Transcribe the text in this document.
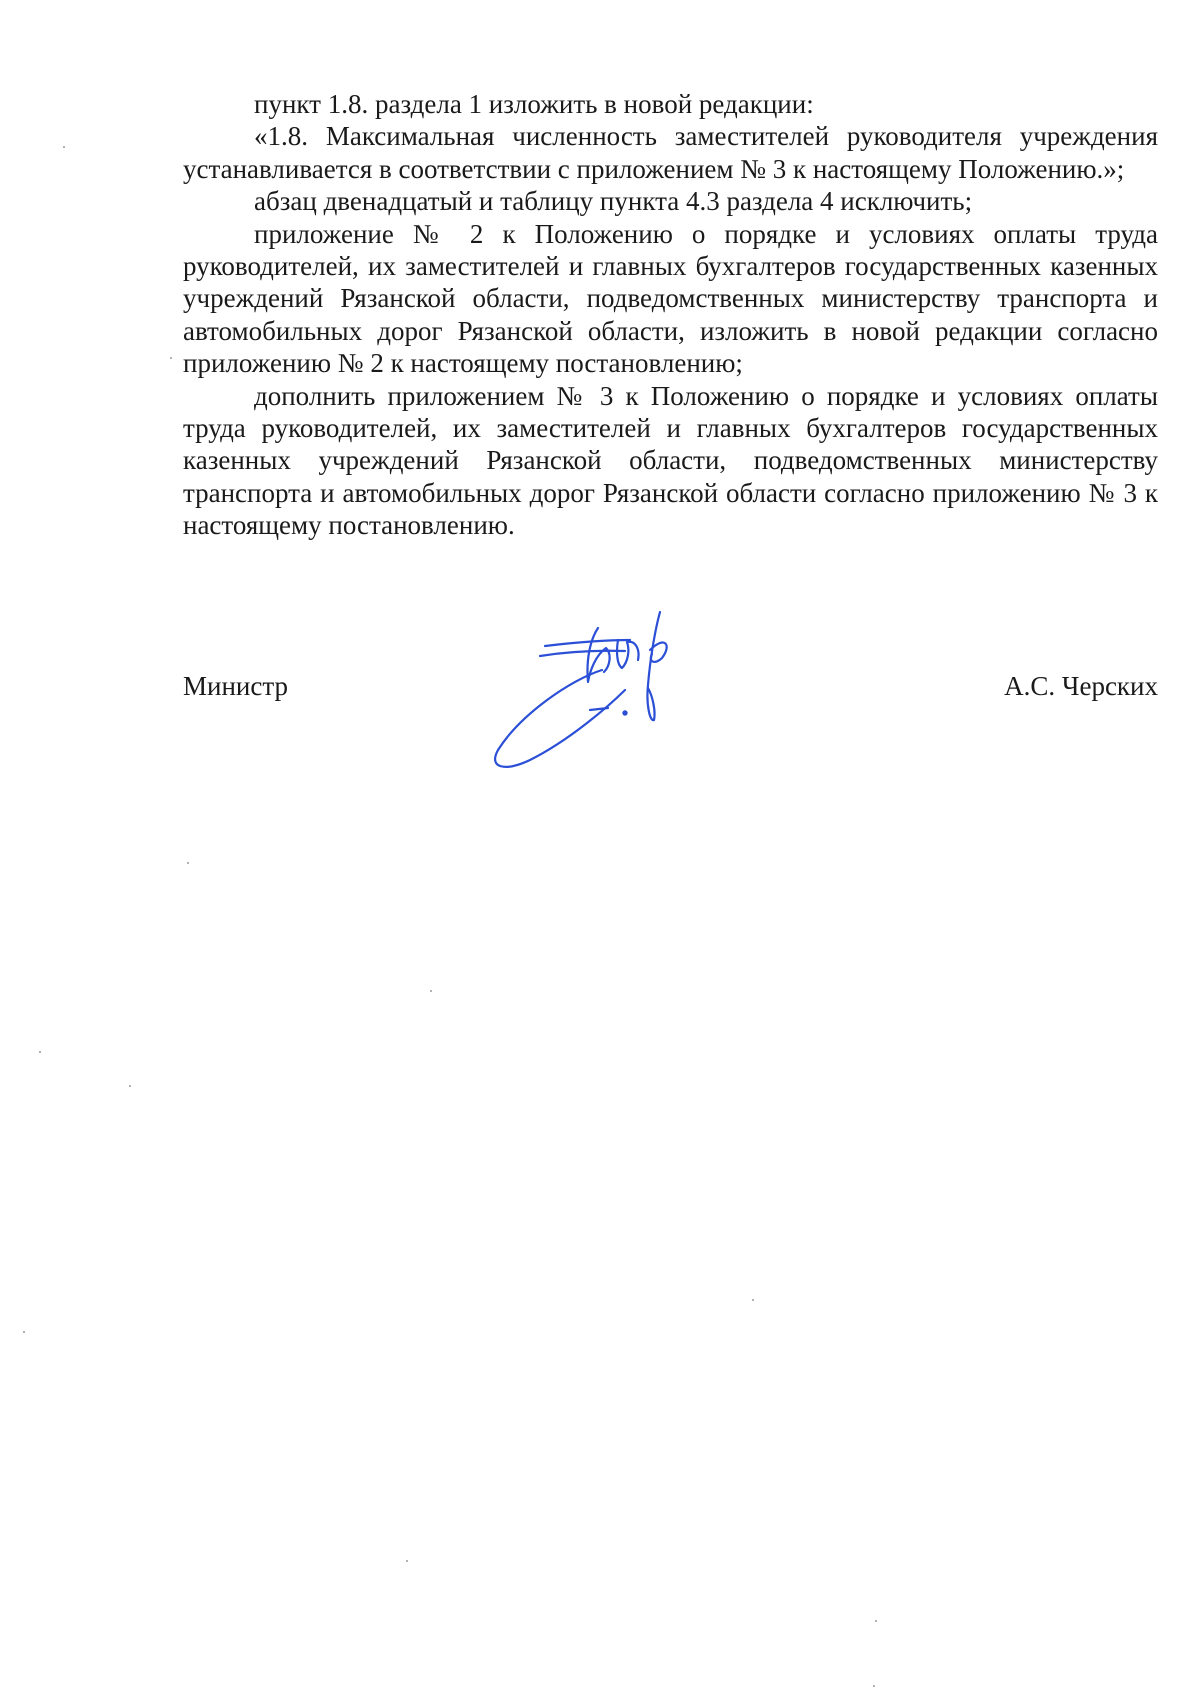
пункт 1.8. раздела 1 изложить в новой редакции:

«1.8. Максимальная численность заместителей руководителя учреждения устанавливается в соответствии с приложением № 3 к настоящему Положению.»;

абзац двенадцатый и таблицу пункта 4.3 раздела 4 исключить;

приложение № 2 к Положению о порядке и условиях оплаты труда руководителей, их заместителей и главных бухгалтеров государственных казенных учреждений Рязанской области, подведомственных министерству транспорта и автомобильных дорог Рязанской области, изложить в новой редакции согласно приложению № 2 к настоящему постановлению;

дополнить приложением № 3 к Положению о порядке и условиях оплаты труда руководителей, их заместителей и главных бухгалтеров государственных казенных учреждений Рязанской области, подведомственных министерству транспорта и автомобильных дорог Рязанской области согласно приложению № 3 к настоящему постановлению.

Министр	А.С. Черских
